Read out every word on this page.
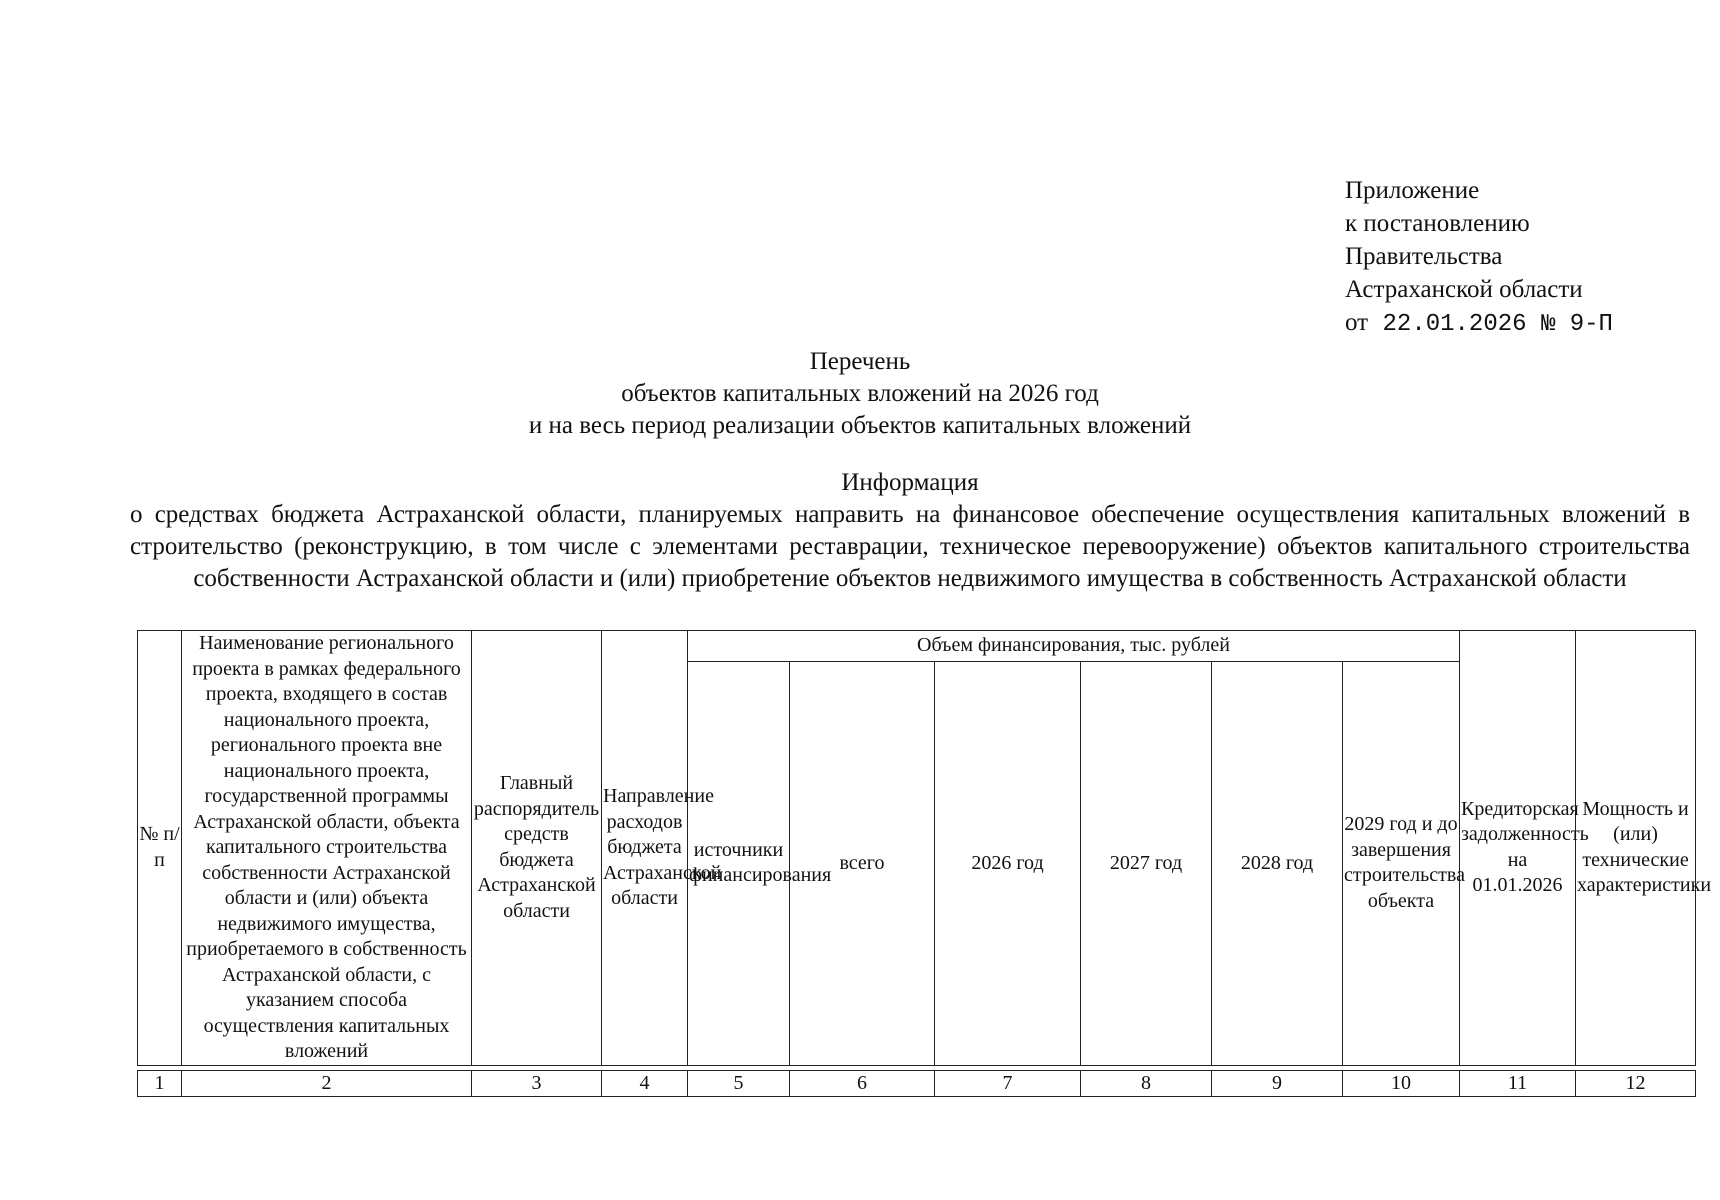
Приложение
к постановлению
Правительства
Астраханской области
от 22.01.2026 № 9-П
Перечень
объектов капитальных вложений на 2026 год
и на весь период реализации объектов капитальных вложений
Информация
о средствах бюджета Астраханской области, планируемых направить на финансовое обеспечение осуществления капитальных вложений в строительство (реконструкцию, в том числе с элементами реставрации, техническое перевооружение) объектов капитального строительства собственности Астраханской области и (или) приобретение объектов недвижимого имущества в собственность Астраханской области
№ п/п	Наименование регионального проекта в рамках федерального проекта, входящего в состав национального проекта, регионального проекта вне национального проекта, государственной программы Астраханской области, объекта капитального строительства собственности Астраханской области и (или) объекта недвижимого имущества, приобретаемого в собственность Астраханской области, с указанием способа осуществления капитальных вложений	Главный распорядитель средств бюджета Астраханской области	Направление расходов бюджета Астраханской области	Объем финансирования, тыс. рублей						Кредиторская задолженность на 01.01.2026	Мощность и (или) технические характеристики
				источники финансирования	всего	2026 год	2027 год	2028 год	2029 год и до завершения строительства объекта		

1	2	3	4	5	6	7	8	9	10	11	12
